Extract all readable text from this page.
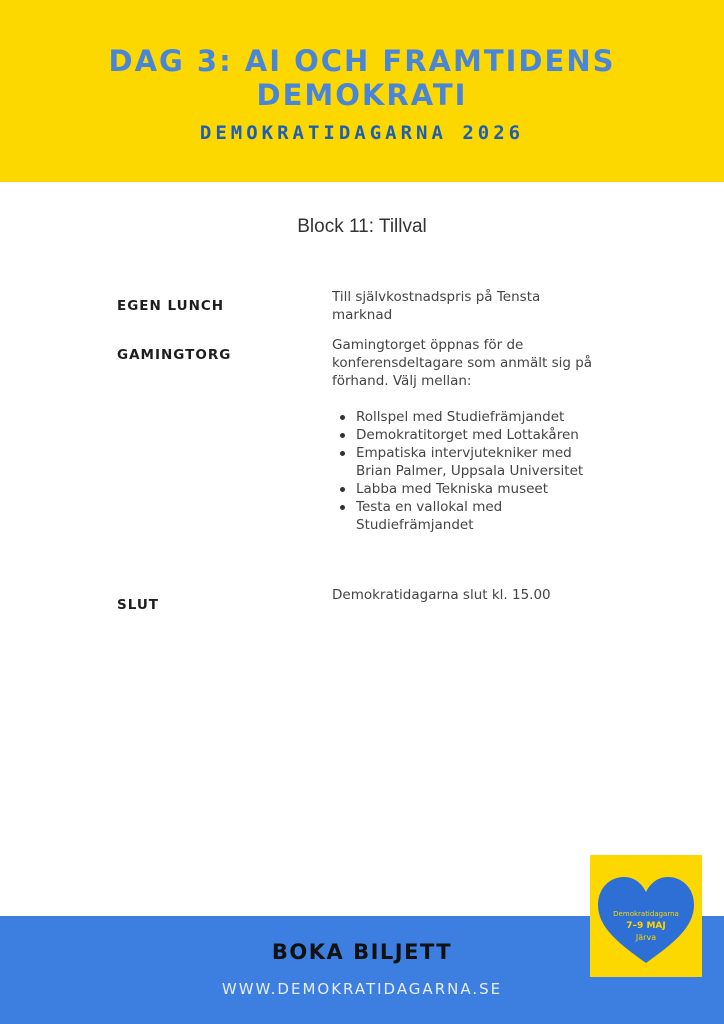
DAG 3: AI OCH FRAMTIDENS
DEMOKRATI
DEMOKRATIDAGARNA 2026
Block 11: Tillval
EGEN LUNCH
Till självkostnadspris på Tensta
marknad
GAMINGTORG
Gamingtorget öppnas för de
konferensdeltagare som anmält sig på
förhand. Välj mellan:
Rollspel med Studiefrämjandet
Demokratitorget med Lottakåren
Empatiska intervjutekniker med
Brian Palmer, Uppsala Universitet
Labba med Tekniska museet
Testa en vallokal med
Studiefrämjandet
SLUT
Demokratidagarna slut kl. 15.00
BOKA BILJETT
WWW.DEMOKRATIDAGARNA.SE
Demokratidagarna
7–9 MAJ
Järva
